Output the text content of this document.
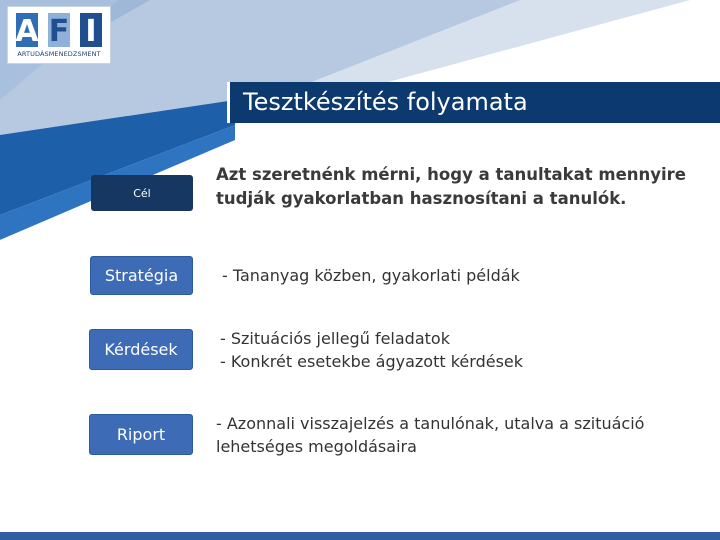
A F I
ARTUDÁSMENEDZSMENT
Tesztkészítés folyamata
Cél
Azt szeretnénk mérni, hogy a tanultakat mennyire
tudják gyakorlatban hasznosítani a tanulók.
Stratégia	- Tananyag közben, gyakorlati példák
Kérdések
- Szituációs jellegű feladatok
- Konkrét esetekbe ágyazott kérdések
Riport
- Azonnali visszajelzés a tanulónak, utalva a szituáció
lehetséges megoldásaira
